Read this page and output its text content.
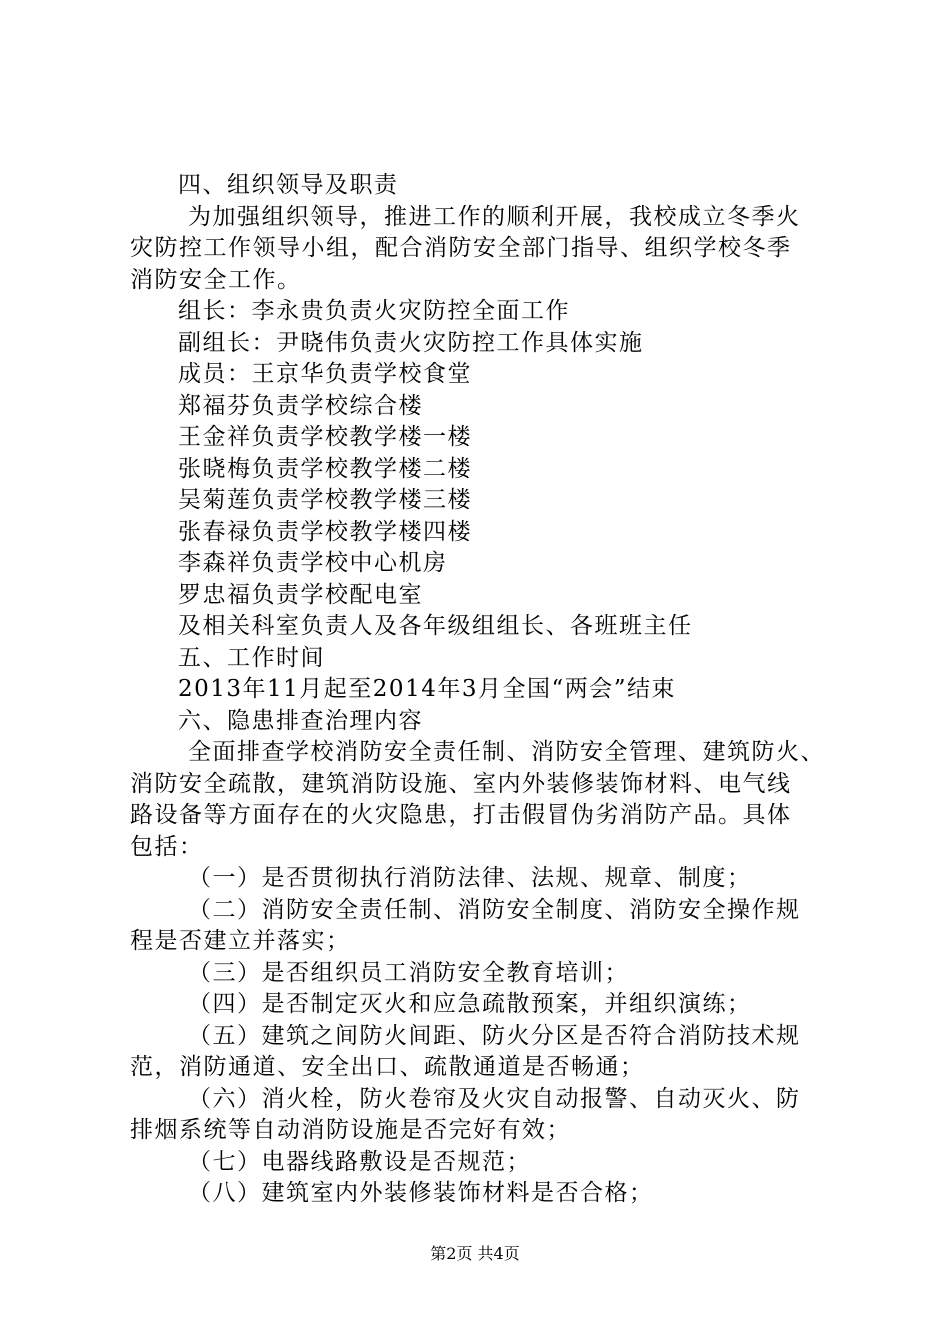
四、组织领导及职责
为加强组织领导，推进工作的顺利开展，我校成立冬季火
灾防控工作领导小组，配合消防安全部门指导、组织学校冬季
消防安全工作。
组长：李永贵负责火灾防控全面工作
副组长：尹晓伟负责火灾防控工作具体实施
成员：王京华负责学校食堂
郑福芬负责学校综合楼
王金祥负责学校教学楼一楼
张晓梅负责学校教学楼二楼
吴菊莲负责学校教学楼三楼
张春禄负责学校教学楼四楼
李森祥负责学校中心机房
罗忠福负责学校配电室
及相关科室负责人及各年级组组长、各班班主任
五、工作时间
2013年11月起至2014年3月全国“两会”结束
六、隐患排查治理内容
全面排查学校消防安全责任制、消防安全管理、建筑防火、
消防安全疏散，建筑消防设施、室内外装修装饰材料、电气线
路设备等方面存在的火灾隐患，打击假冒伪劣消防产品。具体
包括：
（一）是否贯彻执行消防法律、法规、规章、制度；
（二）消防安全责任制、消防安全制度、消防安全操作规
程是否建立并落实；
（三）是否组织员工消防安全教育培训；
（四）是否制定灭火和应急疏散预案，并组织演练；
（五）建筑之间防火间距、防火分区是否符合消防技术规
范，消防通道、安全出口、疏散通道是否畅通；
（六）消火栓，防火卷帘及火灾自动报警、自动灭火、防
排烟系统等自动消防设施是否完好有效；
（七）电器线路敷设是否规范；
（八）建筑室内外装修装饰材料是否合格；
第2页 共4页
